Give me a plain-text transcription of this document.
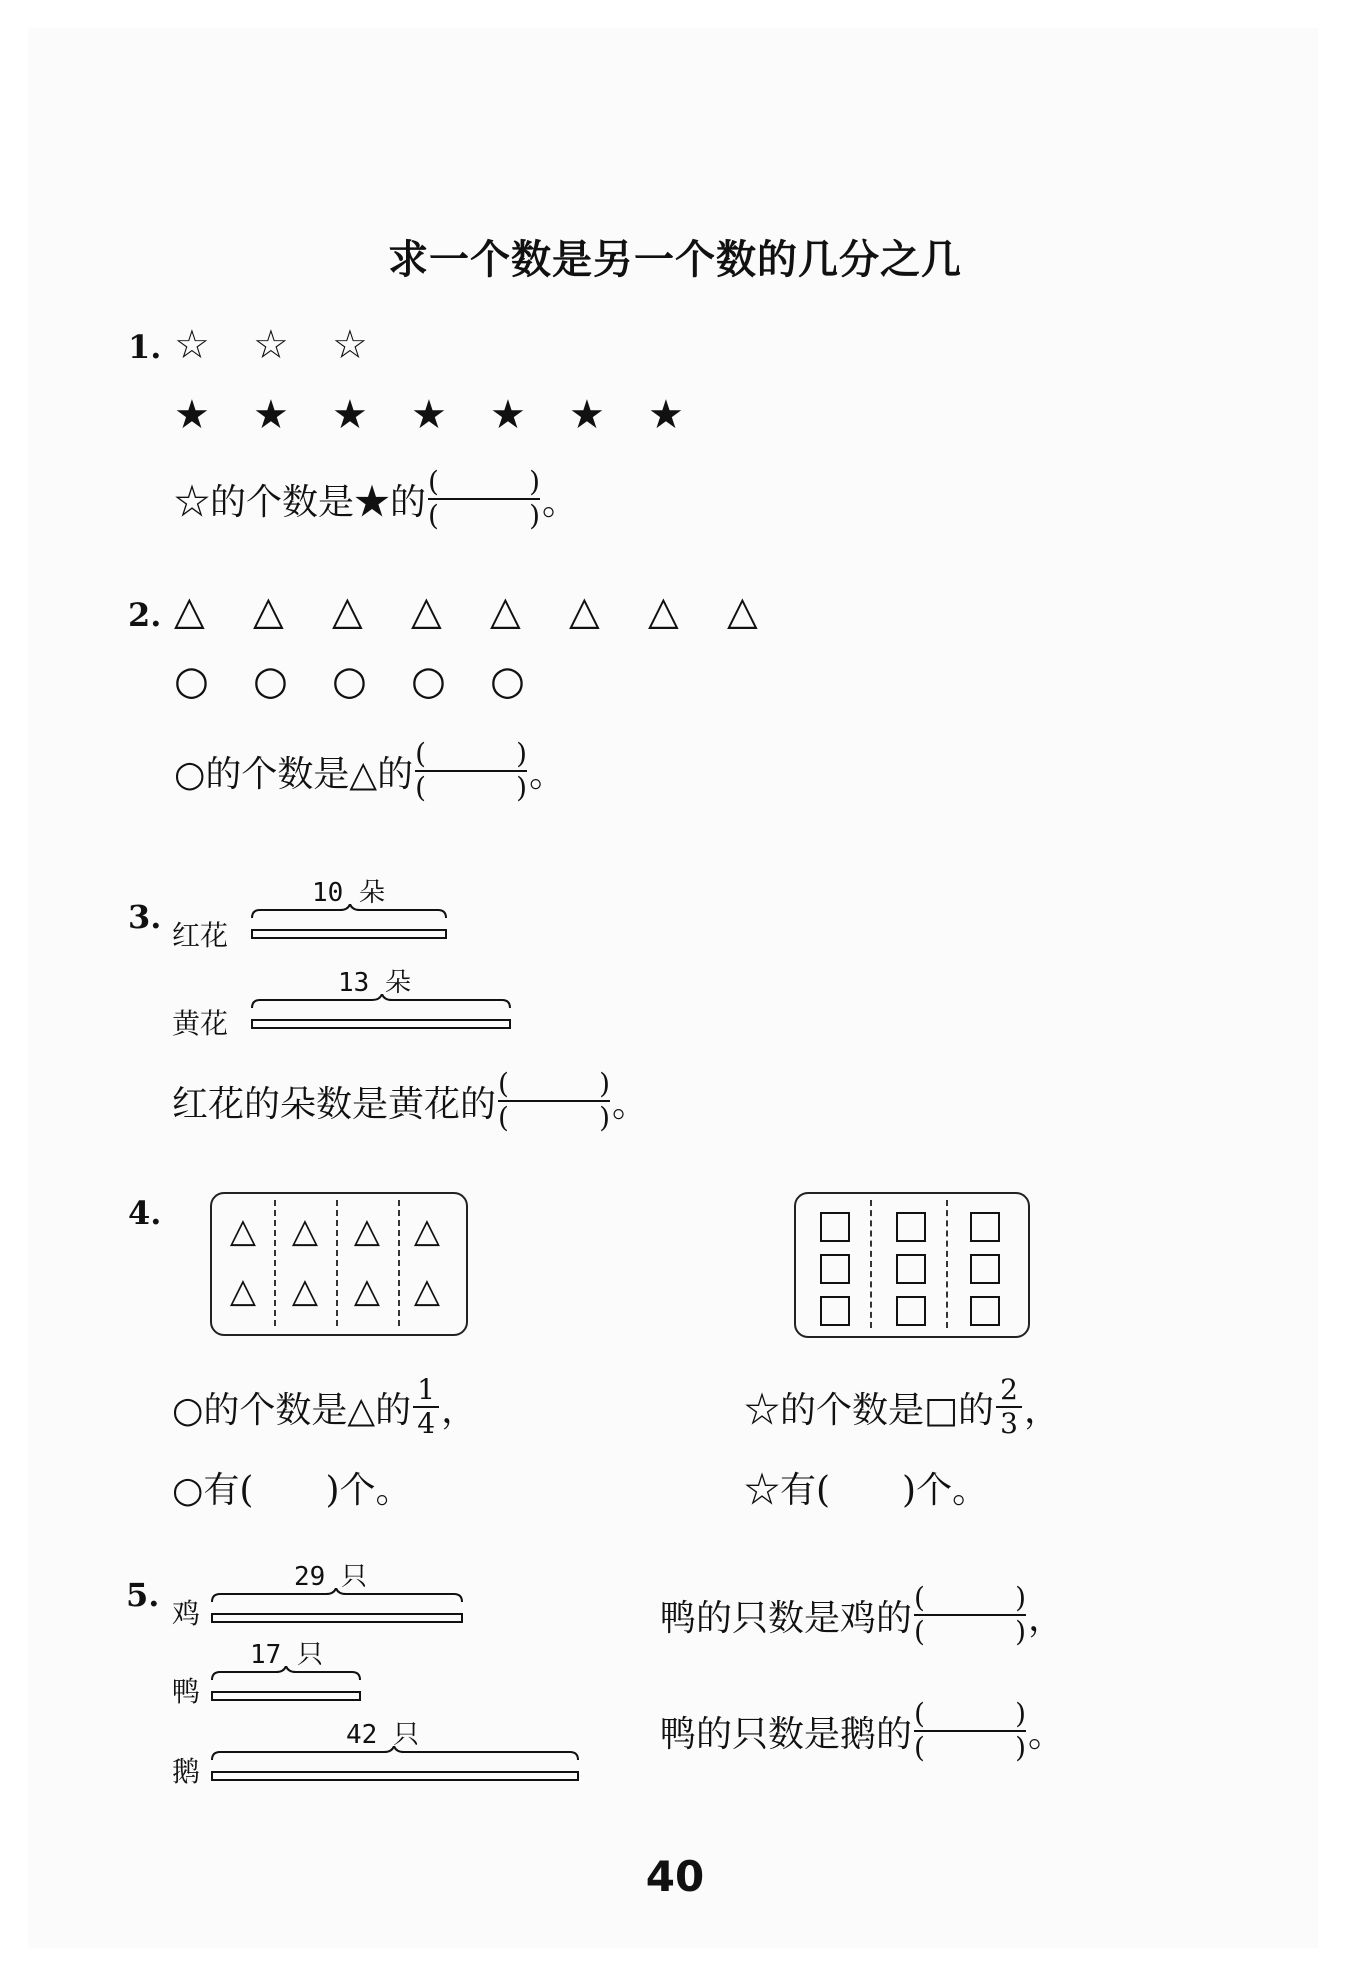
求一个数是另一个数的几分之几
1. ☆ ☆ ☆
★ ★ ★ ★ ★ ★ ★
☆的个数是★的 (	)
(	) 。
2. △ △ △ △ △ △ △ △
○ ○ ○ ○ ○
○的个数是△的 (	)
(	) 。
3. 红花
10 朵
黄花
13 朵
红花的朵数是黄花的 (	)
(	) 。
4. △ △ △ △
△ △ △ △
○的个数是△的 $\frac{1}{4}$ ，
○有(　　)个。
☆的个数是□的 $\frac{2}{3}$ ，
☆有(　　)个。
5. 鸡
29 只
鸭
17 只
鹅
42 只
鸭的只数是鸡的 (	)
(	) ，
鸭的只数是鹅的 (	)
(	) 。
40
